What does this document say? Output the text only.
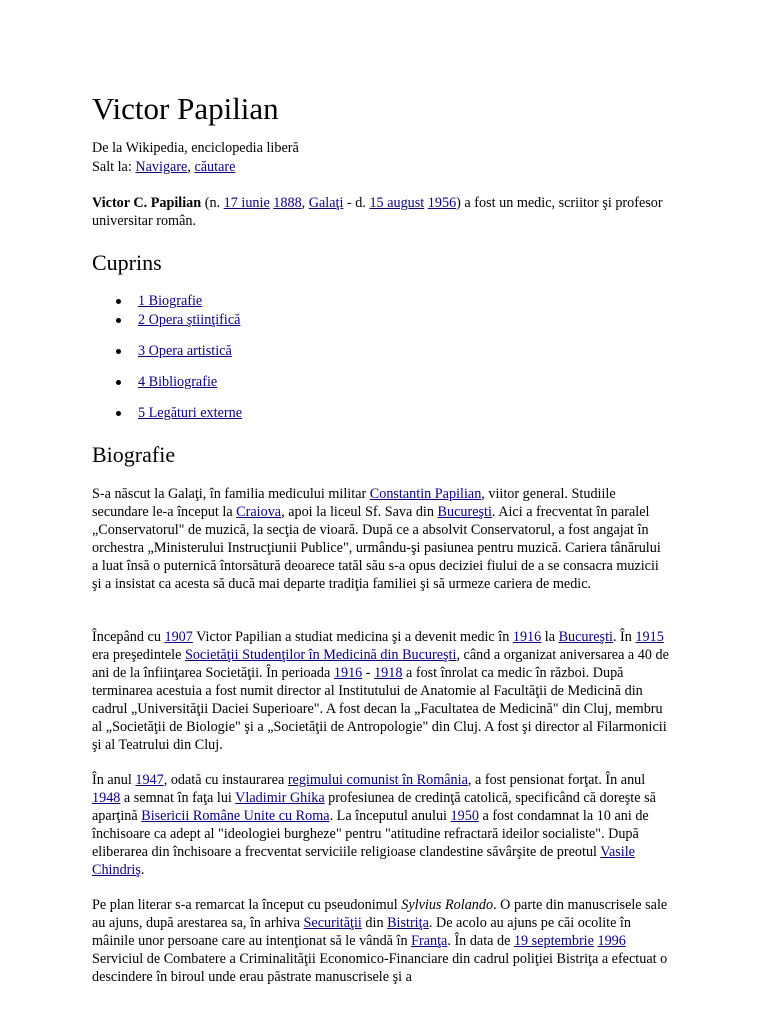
Victor Papilian
De la Wikipedia, enciclopedia liberă
Salt la: Navigare, căutare
Victor C. Papilian (n. 17 iunie 1888, Galaţi - d. 15 august 1956) a fost un medic, scriitor şi profesor universitar român.
Cuprins
1 Biografie
2 Opera ştiinţifică
3 Opera artistică
4 Bibliografie
5 Legături externe
Biografie

S-a născut la Galaţi, în familia medicului militar Constantin Papilian, viitor general. Studiile secundare le-a început la Craiova, apoi la liceul Sf. Sava din Bucureşti. Aici a frecventat în paralel „Conservatorul" de muzică, la secţia de vioară. După ce a absolvit Conservatorul, a fost angajat în orchestra „Ministerului Instrucţiunii Publice", urmându-şi pasiunea pentru muzică. Cariera tânărului a luat însă o puternică întorsătură deoarece tatăl său s-a opus deciziei fiului de a se consacra muzicii şi a insistat ca acesta să ducă mai departe tradiţia familiei şi să urmeze cariera de medic.

Începând cu 1907 Victor Papilian a studiat medicina şi a devenit medic în 1916 la Bucureşti. În 1915 era preşedintele Societăţii Studenţilor în Medicină din Bucureşti, când a organizat aniversarea a 40 de ani de la înfiinţarea Societăţii. În perioada 1916 - 1918 a fost înrolat ca medic în război. După terminarea acestuia a fost numit director al Institutului de Anatomie al Facultăţii de Medicină din cadrul „Universităţii Daciei Superioare". A fost decan la „Facultatea de Medicină" din Cluj, membru al „Societăţii de Biologie" şi a „Societăţii de Antropologie" din Cluj. A fost şi director al Filarmonicii şi al Teatrului din Cluj.

În anul 1947, odată cu instaurarea regimului comunist în România, a fost pensionat forţat. În anul 1948 a semnat în faţa lui Vladimir Ghika profesiunea de credinţă catolică, specificând că doreşte să aparţină Bisericii Române Unite cu Roma. La începutul anului 1950 a fost condamnat la 10 ani de închisoare ca adept al "ideologiei burgheze" pentru "atitudine refractară ideilor socialiste". După eliberarea din închisoare a frecventat serviciile religioase clandestine săvârşite de preotul Vasile Chindriş.

Pe plan literar s-a remarcat la început cu pseudonimul Sylvius Rolando. O parte din manuscrisele sale au ajuns, după arestarea sa, în arhiva Securităţii din Bistriţa. De acolo au ajuns pe căi ocolite în mâinile unor persoane care au intenţionat să le vândă în Franţa. În data de 19 septembrie 1996 Serviciul de Combatere a Criminalităţii Economico-Financiare din cadrul poliţiei Bistriţa a efectuat o descindere în biroul unde erau păstrate manuscrisele şi a
